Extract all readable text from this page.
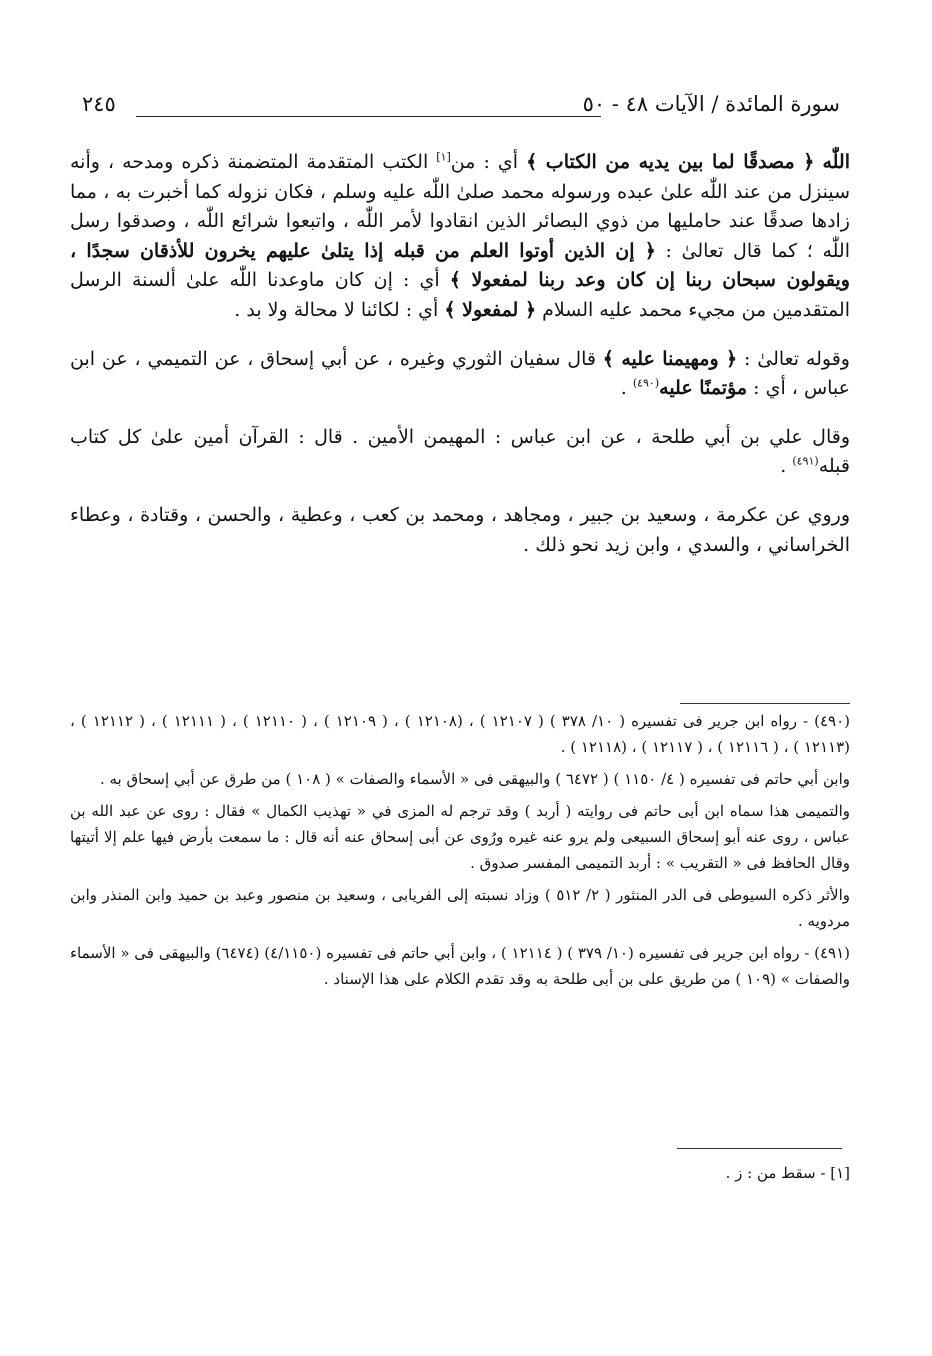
سورة المائدة / الآيات ٤٨ - ٥٠
٢٤٥

اللّٰه ﴿ مصدقًا لما بين يديه من الكتاب ﴾ أي : من[١] الكتب المتقدمة المتضمنة ذكره ومدحه ، وأنه سينزل من عند اللّٰه علىٰ عبده ورسوله محمد صلىٰ اللّٰه عليه وسلم ، فكان نزوله كما أخبرت به ، مما زادها صدقًا عند حامليها من ذوي البصائر الذين انقادوا لأمر اللّٰه ، واتبعوا شرائع اللّٰه ، وصدقوا رسل اللّٰه ؛ كما قال تعالىٰ : ﴿ إن الذين أوتوا العلم من قبله إذا يتلىٰ عليهم يخرون للأذقان سجدًا ، ويقولون سبحان ربنا إن كان وعد ربنا لمفعولا ﴾ أي : إن كان ماوعدنا اللّٰه علىٰ ألسنة الرسل المتقدمين من مجيء محمد عليه السلام ﴿ لمفعولا ﴾ أي : لكائنا لا محالة ولا بد .

وقوله تعالىٰ : ﴿ ومهيمنا عليه ﴾ قال سفيان الثوري وغيره ، عن أبي إسحاق ، عن التميمي ، عن ابن عباس ، أي : مؤتمنًا عليه$^{(٤٩٠)}$ .

وقال علي بن أبي طلحة ، عن ابن عباس : المهيمن الأمين . قال : القرآن أمين علىٰ كل كتاب قبله$^{(٤٩١)}$ .

وروي عن عكرمة ، وسعيد بن جبير ، ومجاهد ، ومحمد بن كعب ، وعطية ، والحسن ، وقتادة ، وعطاء الخراساني ، والسدي ، وابن زيد نحو ذلك .

(٤٩٠) - رواه ابن جرير فى تفسيره ( ١٠/ ٣٧٨ ) ( ١٢١٠٧ ) ، (١٢١٠٨ ) ، ( ١٢١٠٩ ) ، ( ١٢١١٠ ) ، ( ١٢١١١ ) ، ( ١٢١١٢ ) ، (١٢١١٣ ) ، ( ١٢١١٦ ) ، ( ١٢١١٧ ) ، (١٢١١٨ ) .

وابن أبي حاتم فى تفسيره ( ٤/ ١١٥٠ ) ( ٦٤٧٢ ) والبيهقى فى « الأسماء والصفات » ( ١٠٨ ) من طرق عن أبي إسحاق به .

والتميمى هذا سماه ابن أبى حاتم فى روايته ( أربد ) وقد ترجم له المزى في « تهذيب الكمال » فقال : روى عن عبد الله بن عباس ، روى عنه أبو إسحاق السبيعى ولم يرو عنه غيره ورُوى عن أبى إسحاق عنه أنه قال : ما سمعت بأرض فيها علم إلا أتيتها وقال الحافظ فى « التقريب » : أربد التميمى المفسر صدوق .

والأثر ذكره السيوطى فى الدر المنثور ( ٢/ ٥١٢ ) وزاد نسبته إلى الفريابى ، وسعيد بن منصور وعبد بن حميد وابن المنذر وابن مردويه .

(٤٩١) - رواه ابن جرير فى تفسيره (١٠/ ٣٧٩ ) ( ١٢١١٤ ) ، وابن أبي حاتم فى تفسيره (٤/١١٥٠) (٦٤٧٤) والبيهقى فى « الأسماء والصفات » (١٠٩ ) من طريق على بن أبى طلحة به وقد تقدم الكلام على هذا الإسناد .

[١] - سقط من : ز .
